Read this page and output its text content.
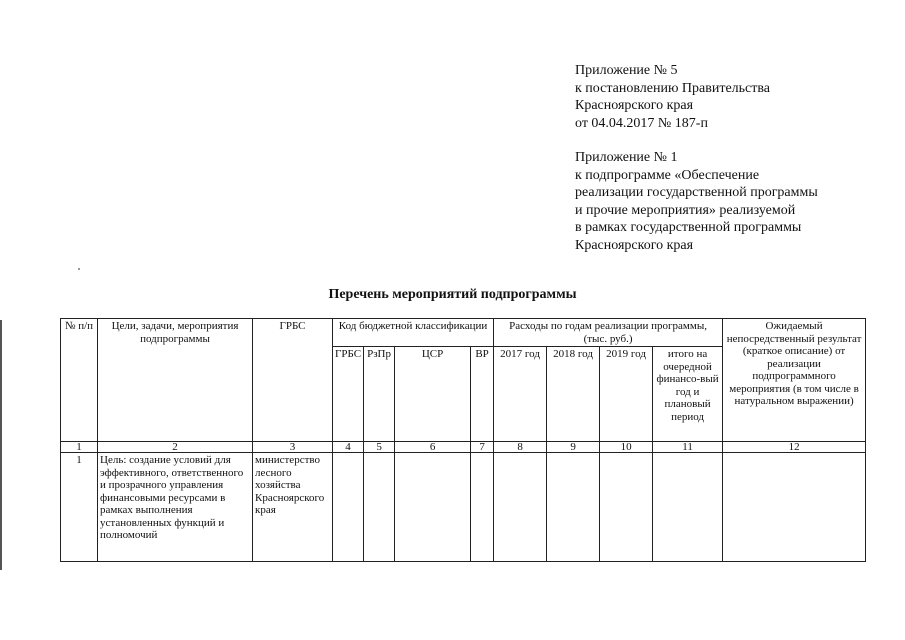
Приложение № 5
к постановлению Правительства
Красноярского края
от 04.04.2017 № 187-п
Приложение № 1
к подпрограмме «Обеспечение
реализации государственной программы
и прочие мероприятия» реализуемой
в рамках государственной программы
Красноярского края
Перечень мероприятий подпрограммы
№ п/п	Цели, задачи, мероприятия подпрограммы	ГРБС	Код бюджетной классификации				Расходы по годам реализации программы, (тыс. руб.)				Ожидаемый непосредственный результат (краткое описание) от реализации подпрограммного мероприятия (в том числе в натуральном выражении)
			ГРБС	РзПр	ЦСР	ВР	2017 год	2018 год	2019 год	итого на очередной финансо-вый год и плановый период	
1	2	3	4	5	6	7	8	9	10	11	12
1	Цель: создание условий для эффективного, ответственного и прозрачного управления финансовыми ресурсами в рамках выполнения установленных функций и полномочий	министерство лесного хозяйства Красноярского края									
